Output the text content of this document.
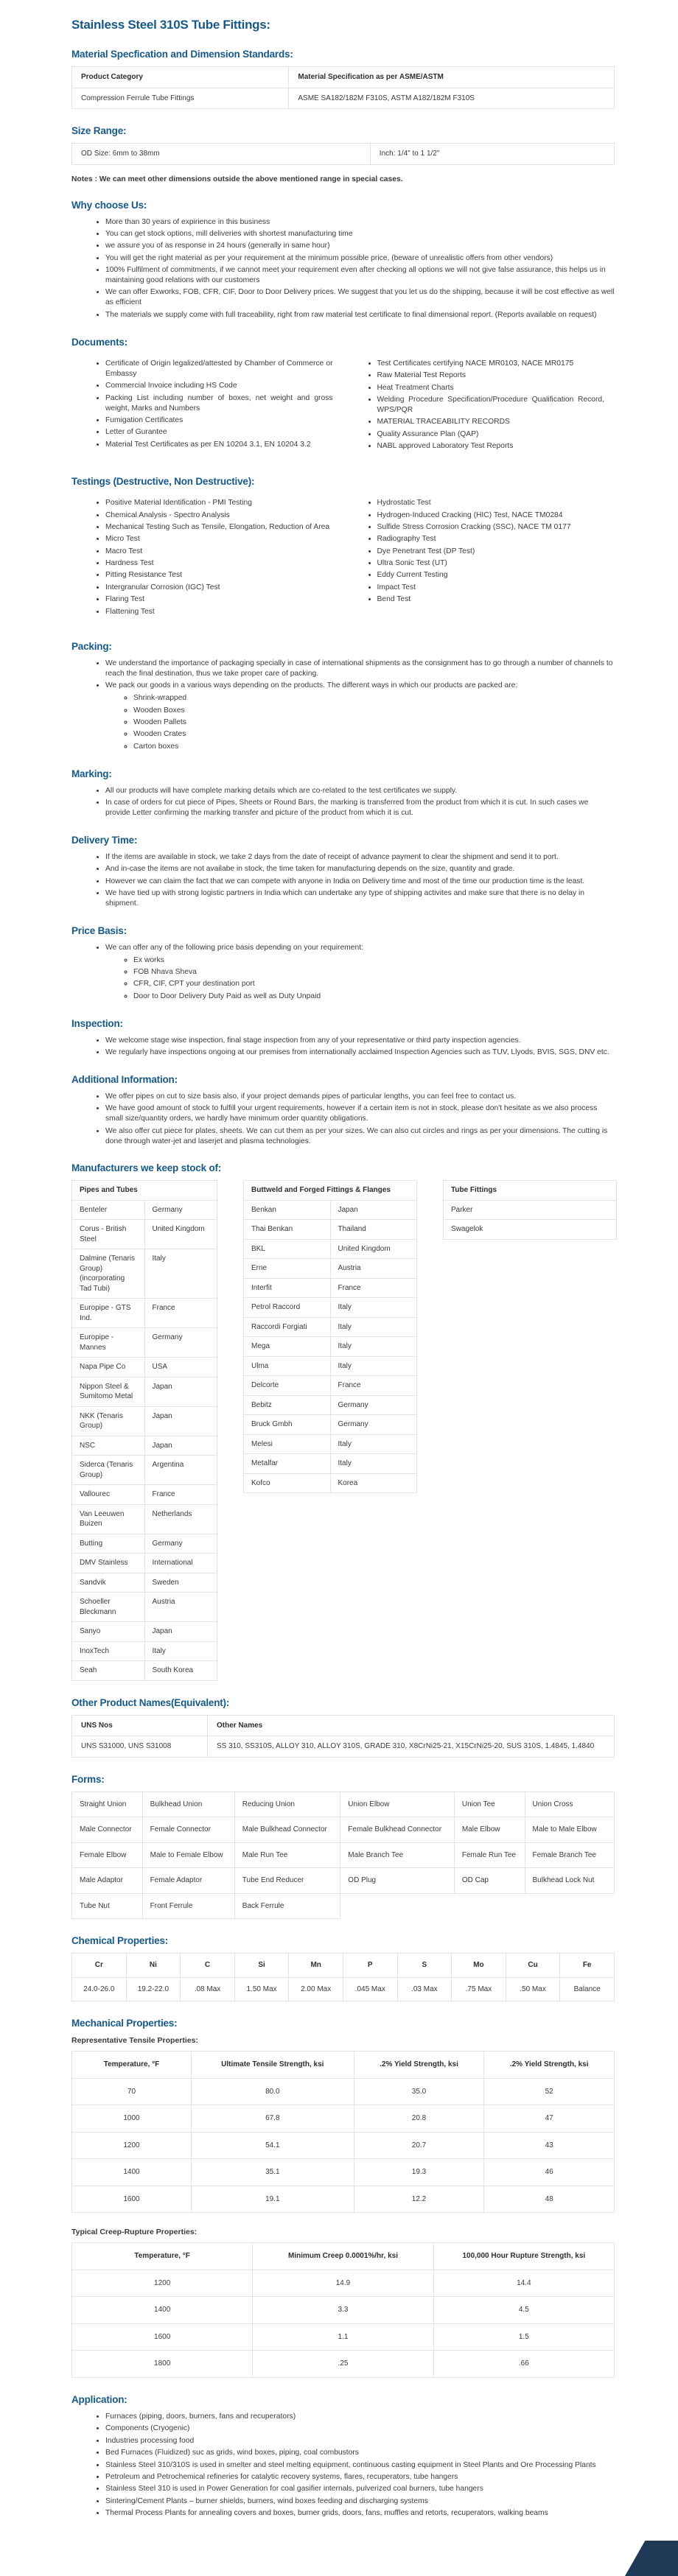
Stainless Steel 310S Tube Fittings:
Material Specfication and Dimension Standards:
Product Category	Material Specification as per ASME/ASTM
Compression Ferrule Tube Fittings	ASME SA182/182M F310S, ASTM A182/182M F310S
Size Range:
OD Size: 6mm to 38mm	Inch: 1/4" to 1 1/2"

Notes : We can meet other dimensions outside the above mentioned range in special cases.

Why choose Us:
• More than 30 years of expirience in this business
• You can get stock options, mill deliveries with shortest manufacturing time
• we assure you of as response in 24 hours (generally in same hour)
• You will get the right material as per your requirement at the minimum possible price, (beware of unrealistic offers from other vendors)
• 100% Fulfilment of commitments, if we cannot meet your requirement even after checking all options we will not give false assurance, this helps us in maintaining good relations with our customers
• We can offer Exworks, FOB, CFR, CIF, Door to Door Delivery prices. We suggest that you let us do the shipping, because it will be cost effective as well as efficient
• The materials we supply come with full traceability, right from raw material test certificate to final dimensional report. (Reports available on request)
Documents:
• Certificate of Origin legalized/attested by Chamber of Commerce or Embassy
• Commercial Invoice including HS Code
• Packing List including number of boxes, net weight and gross weight, Marks and Numbers
• Fumigation Certificates
• Letter of Gurantee
• Material Test Certificates as per EN 10204 3.1, EN 10204 3.2
• Test Certificates certifying NACE MR0103, NACE MR0175
• Raw Material Test Reports
• Heat Treatment Charts
• Welding Procedure Specification/Procedure Qualification Record, WPS/PQR
• MATERIAL TRACEABILITY RECORDS
• Quality Assurance Plan (QAP)
• NABL approved Laboratory Test Reports
Testings (Destructive, Non Destructive):
• Positive Material Identification - PMI Testing
• Chemical Analysis - Spectro Analysis
• Mechanical Testing Such as Tensile, Elongation, Reduction of Area
• Micro Test
• Macro Test
• Hardness Test
• Pitting Resistance Test
• Intergranular Corrosion (IGC) Test
• Flaring Test
• Flattening Test
• Hydrostatic Test
• Hydrogen-Induced Cracking (HIC) Test, NACE TM0284
• Sulfide Stress Corrosion Cracking (SSC), NACE TM 0177
• Radiography Test
• Dye Penetrant Test (DP Test)
• Ultra Sonic Test (UT)
• Eddy Current Testing
• Impact Test
• Bend Test
Packing:
• We understand the importance of packaging specially in case of international shipments as the consignment has to go through a number of channels to reach the final destination, thus we take proper care of packing.
• We pack our goods in a various ways depending on the products. The different ways in which our products are packed are:
◦ Shrink-wrapped
◦ Wooden Boxes
◦ Wooden Pallets
◦ Wooden Crates
◦ Carton boxes
Marking:
• All our products will have complete marking details which are co-related to the test certificates we supply.
• In case of orders for cut piece of Pipes, Sheets or Round Bars, the marking is transferred from the product from which it is cut. In such cases we provide Letter confirming the marking transfer and picture of the product from which it is cut.
Delivery Time:
• If the items are available in stock, we take 2 days from the date of receipt of advance payment to clear the shipment and send it to port.
• And in-case the items are not availabe in stock, the time taken for manufacturing depends on the size, quantity and grade.
• However we can claim the fact that we can compete with anyone in India on Delivery time and most of the time our production time is the least.
• We have tied up with strong logistic partners in India which can undertake any type of shipping activites and make sure that there is no delay in shipment.
Price Basis:
• We can offer any of the following price basis depending on your requirement:
◦ Ex works
◦ FOB Nhava Sheva
◦ CFR, CIF, CPT your destination port
◦ Door to Door Delivery Duty Paid as well as Duty Unpaid
Inspection:
• We welcome stage wise inspection, final stage inspection from any of your representative or third party inspection agencies.
• We regularly have inspections ongoing at our premises from internationally acclaimed Inspection Agencies such as TUV, Llyods, BVIS, SGS, DNV etc.
Additional Information:
• We offer pipes on cut to size basis also, if your project demands pipes of particular lengths, you can feel free to contact us.
• We have good amount of stock to fulfill your urgent requirements, however if a certain item is not in stock, please don't hesitate as we also process small size/quantity orders, we hardly have minimum order quantity obligations.
• We also offer cut piece for plates, sheets. We can cut them as per your sizes. We can also cut circles and rings as per your dimensions. The cutting is done through water-jet and laserjet and plasma technologies.
Manufacturers we keep stock of:
Pipes and Tubes	
Benteler	Germany
Corus - British Steel	United Kingdom
Dalmine (Tenaris Group) (incorporating Tad Tubi)	Italy
Europipe - GTS Ind.	France
Europipe - Mannes	Germany
Napa Pipe Co	USA
Nippon Steel & Sumitomo Metal	Japan
NKK (Tenaris Group)	Japan
NSC	Japan
Siderca (Tenaris Group)	Argentina
Vallourec	France
Van Leeuwen Buizen	Netherlands
Butting	Germany
DMV Stainless	International
Sandvik	Sweden
Schoeller Bleckmann	Austria
Sanyo	Japan
InoxTech	Italy
Seah	South Korea
Buttweld and Forged Fittings & Flanges	
Benkan	Japan
Thai Benkan	Thailand
BKL	United Kingdom
Erne	Austria
Interfit	France
Petrol Raccord	Italy
Raccordi Forgiati	Italy
Mega	Italy
Ulma	Italy
Delcorte	France
Bebitz	Germany
Bruck Gmbh	Germany
Melesi	Italy
Metalfar	Italy
Kofco	Korea
Tube Fittings
Parker
Swagelok
Other Product Names(Equivalent):
UNS Nos	Other Names
UNS S31000, UNS S31008	SS 310, SS310S, ALLOY 310, ALLOY 310S, GRADE 310, X8CrNi25-21, X15CrNi25-20, SUS 310S, 1.4845, 1.4840
Forms:
Straight Union	Bulkhead Union	Reducing Union	Union Elbow	Union Tee	Union Cross
Male Connector	Female Connector	Male Bulkhead Connector	Female Bulkhead Connector	Male Elbow	Male to Male Elbow
Female Elbow	Male to Female Elbow	Male Run Tee	Male Branch Tee	Female Run Tee	Female Branch Tee
Male Adaptor	Female Adaptor	Tube End Reducer	OD Plug	OD Cap	Bulkhead Lock Nut
Tube Nut	Front Ferrule	Back Ferrule			
Chemical Properties:
Cr	Ni	C	Si	Mn	P	S	Mo	Cu	Fe
24.0-26.0	19.2-22.0	.08 Max	1.50 Max	2.00 Max	.045 Max	.03 Max	.75 Max	.50 Max	Balance
Mechanical Properties:

Representative Tensile Properties:

Temperature, °F	Ultimate Tensile Strength, ksi	.2% Yield Strength, ksi	.2% Yield Strength, ksi
70	80.0	35.0	52
1000	67.8	20.8	47
1200	54.1	20.7	43
1400	35.1	19.3	46
1600	19.1	12.2	48

Typical Creep-Rupture Properties:

Temperature, °F	Minimum Creep 0.0001%/hr, ksi	100,000 Hour Rupture Strength, ksi
1200	14.9	14.4
1400	3.3	4.5
1600	1.1	1.5
1800	.25	.66
Application:
• Furnaces (piping, doors, burners, fans and recuperators)
• Components (Cryogenic)
• Industries processing food
• Bed Furnaces (Fluidized) suc as grids, wind boxes, piping, coal combustors
• Stainless Steel 310/310S is used in smelter and steel melting equipment, continuous casting equipment in Steel Plants and Ore Processing Plants
• Petroleum and Petrochemical refineries for catalytic recovery systems, flares, recuperators, tube hangers
• Stainless Steel 310 is used in Power Generation for coal gasifier internals, pulverized coal burners, tube hangers
• Sintering/Cement Plants – burner shields, burners, wind boxes feeding and discharging systems
• Thermal Process Plants for annealing covers and boxes, burner grids, doors, fans, muffles and retorts, recuperators, walking beams
